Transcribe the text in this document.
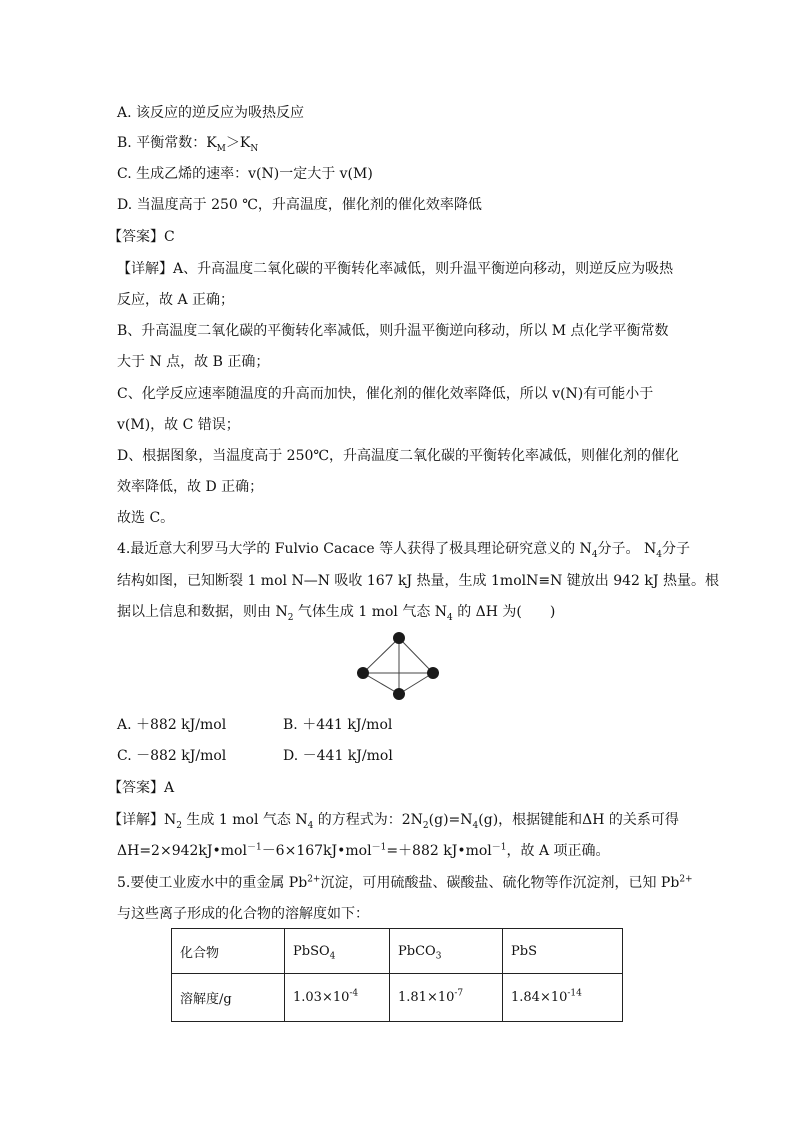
A. 该反应的逆反应为吸热反应
B. 平衡常数：$K_M>K_N$
C. 生成乙烯的速率：v(N)一定大于 v(M)
D. 当温度高于 250 ℃，升高温度，催化剂的催化效率降低
【答案】C
【详解】A、升高温度二氧化碳的平衡转化率减低，则升温平衡逆向移动，则逆反应为吸热
反应，故 A 正确；
B、升高温度二氧化碳的平衡转化率减低，则升温平衡逆向移动，所以 M 点化学平衡常数
大于 N 点，故 B 正确；
C、化学反应速率随温度的升高而加快，催化剂的催化效率降低，所以 v(N)有可能小于
v(M)，故 C 错误；
D、根据图象，当温度高于 250℃，升高温度二氧化碳的平衡转化率减低，则催化剂的催化
效率降低，故 D 正确；
故选 C。
4.最近意大利罗马大学的 Fulvio Cacace 等人获得了极具理论研究意义的 $N_4$分子。 $N_4$分子
结构如图，已知断裂 1 mol N—N 吸收 167 kJ 热量，生成 1molN≡N 键放出 942 kJ 热量。根
据以上信息和数据，则由 $N_2$ 气体生成 1 mol 气态 $N_4$ 的 ΔH 为(　　)
A. ＋882 kJ/mol	B. ＋441 kJ/mol
C. －882 kJ/mol	D. －441 kJ/mol
【答案】A
【详解】$N_2$ 生成 1 mol 气态 $N_4$ 的方程式为：$2N_2(g)=N_4(g)$，根据键能和ΔH 的关系可得
ΔH=2×942kJ•mol$^{-1}$－6×167kJ•mol$^{-1}$=＋882 kJ•mol$^{-1}$，故 A 项正确。
5.要使工业废水中的重金属 $Pb^{2+}$沉淀，可用硫酸盐、碳酸盐、硫化物等作沉淀剂，已知 $Pb^{2+}$
与这些离子形成的化合物的溶解度如下：
化合物	PbSO$_4$	PbCO$_3$	PbS
溶解度/g	$1.03\times 10^{-4}$	$1.81\times 10^{-7}$	$1.84\times 10^{-14}$
